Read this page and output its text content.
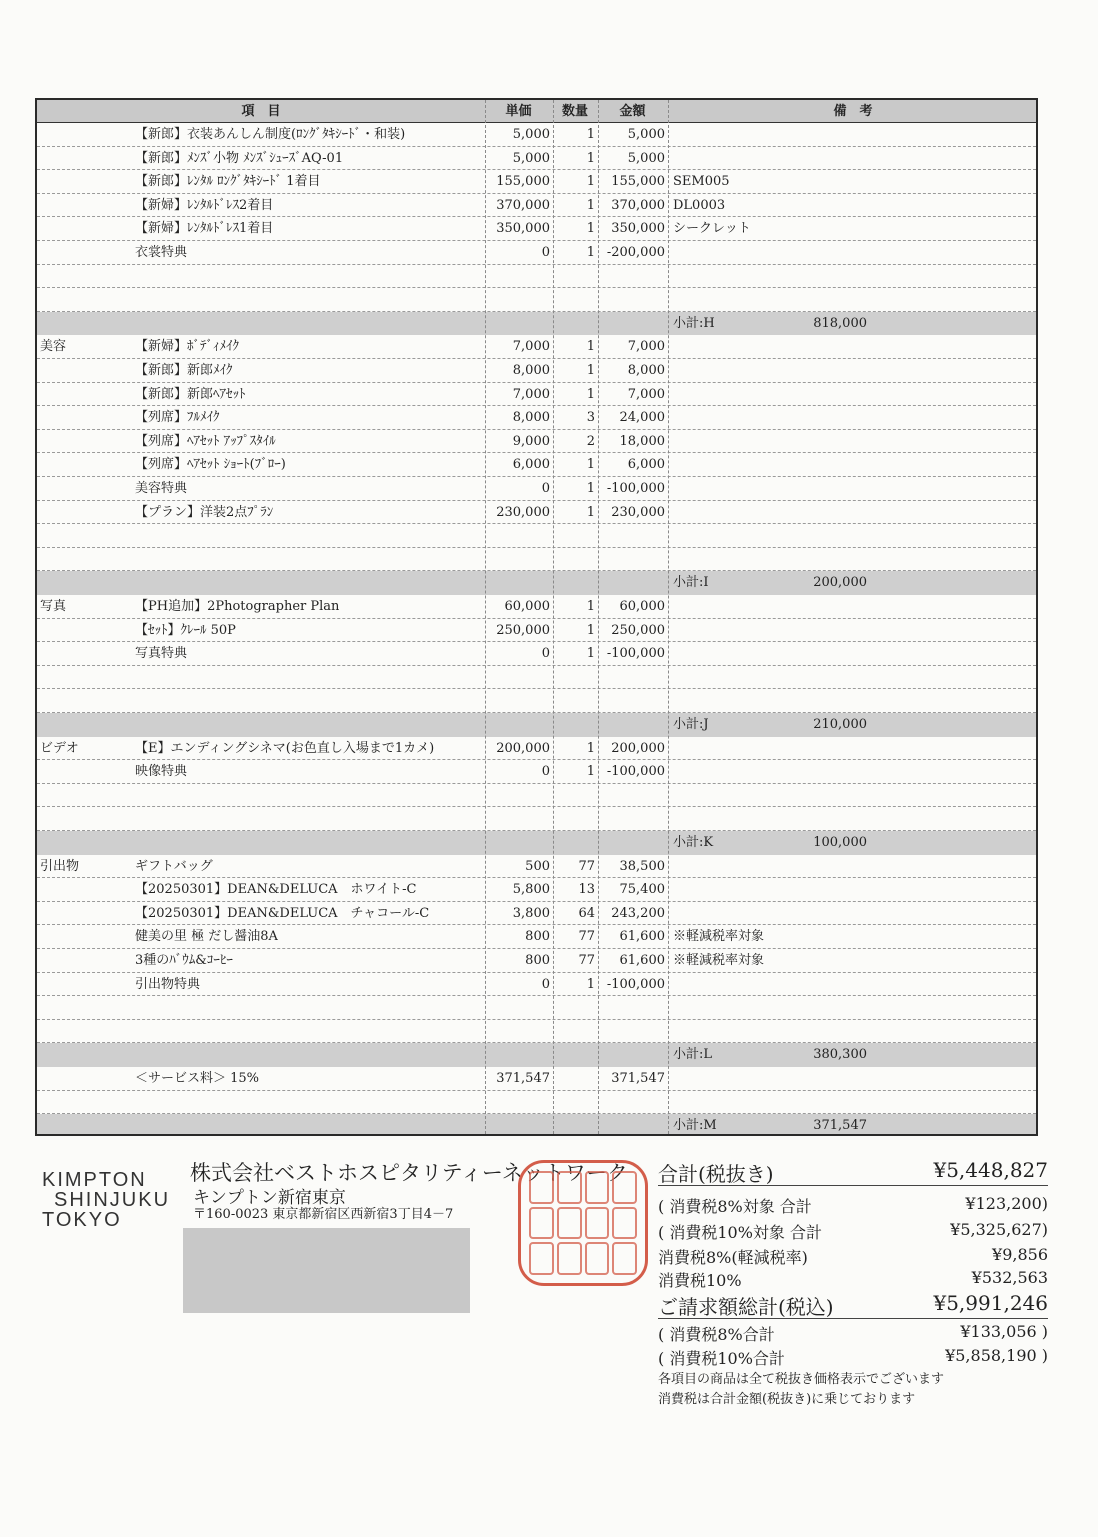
項　目	単価	数量	金額	備　考
【新郎】衣装あんしん制度(ﾛﾝｸﾞﾀｷｼｰﾄﾞ・和装)	5,000	1	5,000
【新郎】ﾒﾝｽﾞ小物 ﾒﾝｽﾞｼｭｰｽﾞAQ-01	5,000	1	5,000
【新郎】ﾚﾝﾀﾙ ﾛﾝｸﾞﾀｷｼｰﾄﾞ 1着目	155,000	1	155,000 SEM005
【新婦】ﾚﾝﾀﾙﾄﾞﾚｽ2着目	370,000	1	370,000 DL0003
【新婦】ﾚﾝﾀﾙﾄﾞﾚｽ1着目	350,000	1	350,000 シークレット
衣裳特典	0	1 -200,000
小計:H	818,000
美容	【新婦】ﾎﾞﾃﾞｨﾒｲｸ	7,000	1	7,000
【新郎】新郎ﾒｲｸ	8,000	1	8,000
【新郎】新郎ﾍｱｾｯﾄ	7,000	1	7,000
【列席】ﾌﾙﾒｲｸ	8,000	3	24,000
【列席】ﾍｱｾｯﾄ ｱｯﾌﾟｽﾀｲﾙ	9,000	2	18,000
【列席】ﾍｱｾｯﾄ ｼｮｰﾄ(ﾌﾞﾛｰ)	6,000	1	6,000
美容特典	0	1 -100,000
【プラン】洋装2点ﾌﾟﾗﾝ	230,000	1	230,000
小計:I	200,000
写真	【PH追加】2Photographer Plan	60,000	1	60,000
【ｾｯﾄ】ｸﾚｰﾙ 50P	250,000	1	250,000
写真特典	0	1 -100,000
小計:J	210,000
ビデオ	【E】エンディングシネマ(お色直し入場まで1カメ)	200,000	1	200,000
映像特典	0	1 -100,000
小計:K	100,000
引出物	ギフトバッグ	500	77	38,500
【20250301】DEAN&DELUCA　ホワイト-C	5,800	13	75,400
【20250301】DEAN&DELUCA　チャコール-C	3,800	64	243,200
健美の里 極 だし醤油8A	800	77	61,600 ※軽減税率対象
3種のﾊﾞｳﾑ&ｺｰﾋｰ	800	77	61,600 ※軽減税率対象
引出物特典	0	1 -100,000
小計:L	380,300
＜サービス料＞ 15%	371,547	371,547
小計:M	371,547
KIMPTON
SHINJUKU
TOKYO
株式会社ベストホスピタリティーネットワーク
キンプトン新宿東京
〒160-0023 東京都新宿区西新宿3丁目4－7
合計(税抜き)	¥5,448,827
( 消費税8%対象 合計	¥123,200)
( 消費税10%対象 合計	¥5,325,627)
消費税8%(軽減税率)	¥9,856
消費税10%	¥532,563
ご請求額総計(税込)	¥5,991,246
( 消費税8%合計	¥133,056 )
( 消費税10%合計	¥5,858,190 )
各項目の商品は全て税抜き価格表示でございます
消費税は合計金額(税抜き)に乗じております
